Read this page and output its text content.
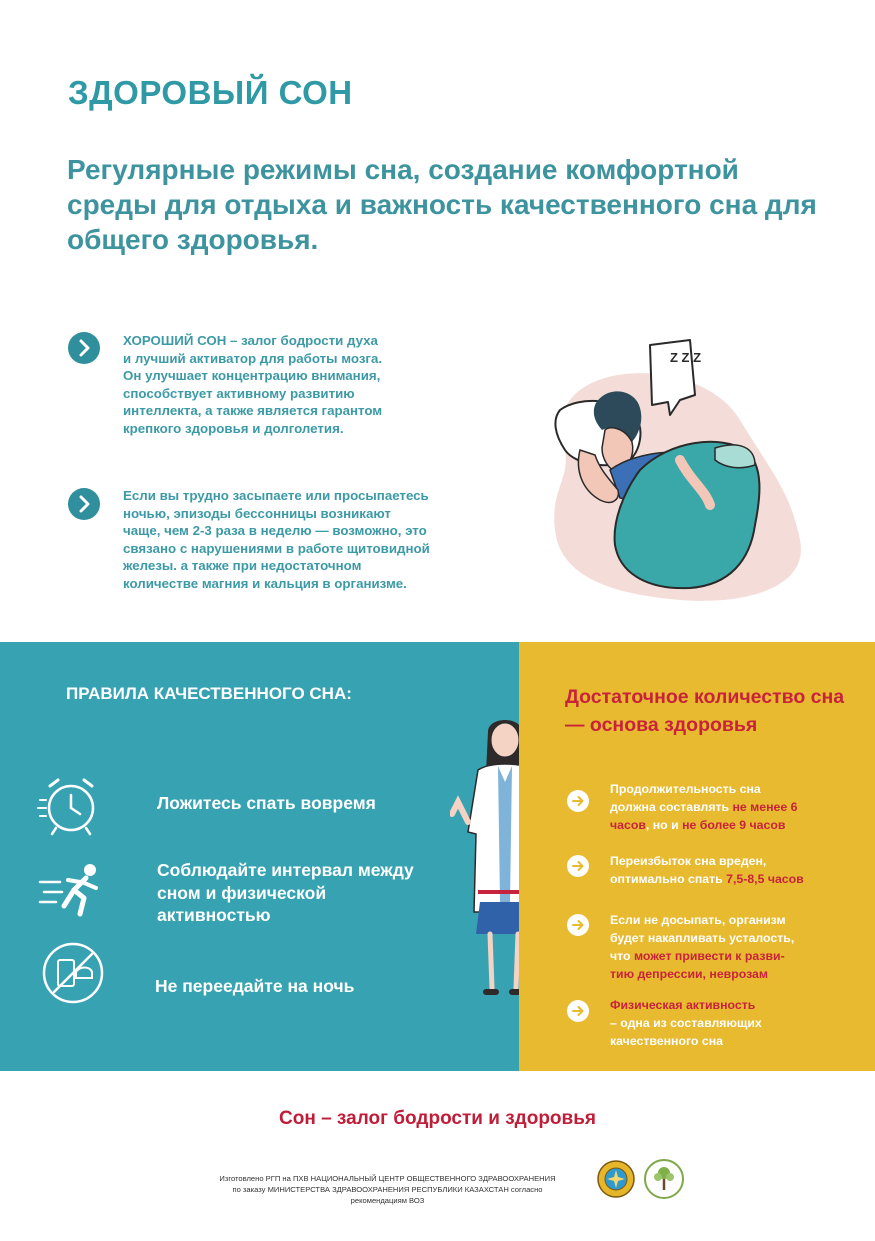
ЗДОРОВЫЙ СОН

Регулярные режимы сна, создание комфортной среды для отдыха и важность качественного сна для общего здоровья.

ХОРОШИЙ СОН – залог бодрости духа
и лучший активатор для работы мозга.
Он улучшает концентрацию внимания,
способствует активному развитию
интеллекта, а также является гарантом
крепкого здоровья и долголетия.
Если вы трудно засыпаете или просыпаетесь
ночью, эпизоды бессонницы возникают
чаще, чем 2-3 раза в неделю — возможно, это
связано с нарушениями в работе щитовидной
железы. а также при недостаточном
количестве магния и кальция в организме.
Z Z Z
ПРАВИЛА КАЧЕСТВЕННОГО СНА:

Ложитесь спать вовремя

Соблюдайте интервал между сном и физической активностью

Не переедайте на ночь

Достаточное количество сна — основа здоровья
Продолжительность сна
должна составлять не менее 6
часов, но и не более 9 часов
Переизбыток сна вреден,
оптимально спать 7,5-8,5 часов
Если не досыпать, организм
будет накапливать усталость,
что может привести к разви-
тию депрессии, неврозам
Физическая активность
– одна из составляющих
качественного сна

Сон – залог бодрости и здоровья

Изготовлено РГП на ПХВ НАЦИОНАЛЬНЫЙ ЦЕНТР ОБЩЕСТВЕННОГО ЗДРАВООХРАНЕНИЯ
по заказу МИНИСТЕРСТВА ЗДРАВООХРАНЕНИЯ РЕСПУБЛИКИ КАЗАХСТАН согласно
рекомендациям ВОЗ
